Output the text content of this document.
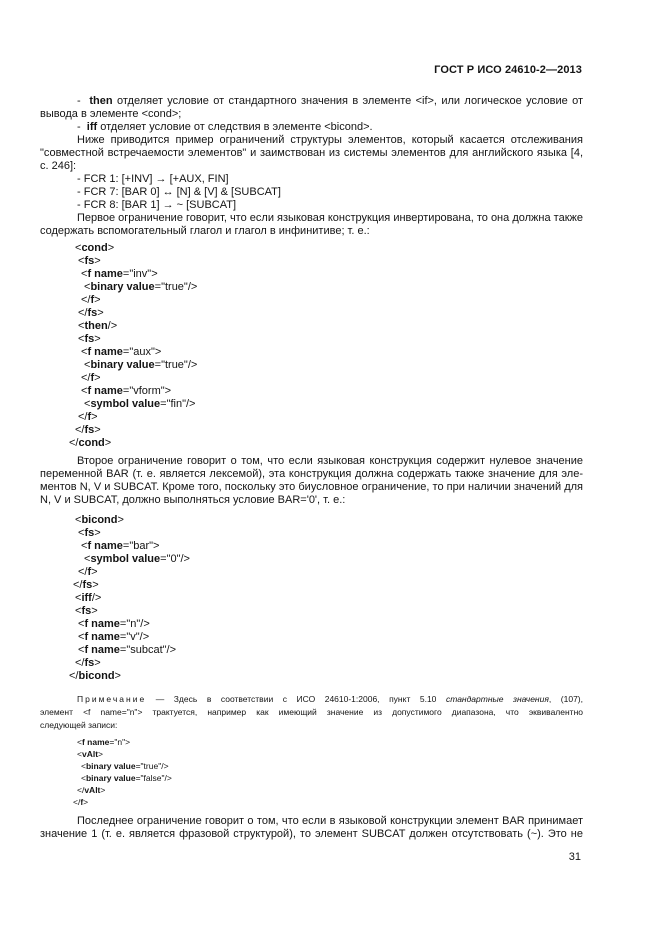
ГОСТ Р ИСО 24610-2—2013
- then отделяет условие от стандартного значения в элементе <if>, или логическое условие от
вывода в элементе <cond>;
- iff отделяет условие от следствия в элементе <bicond>.
Ниже приводится пример ограничений структуры элементов, который касается отслеживания
"совместной встречаемости элементов" и заимствован из системы элементов для английского языка [4,
с. 246]:
- FCR 1: [+INV] → [+AUX, FIN]
- FCR 7: [BAR 0] ↔ [N] & [V] & [SUBCAT]
- FCR 8: [BAR 1] → ~ [SUBCAT]
Первое ограничение говорит, что если языковая конструкция инвертирована, то она должна также
содержать вспомогательный глагол и глагол в инфинитиве; т. е.:
<cond>
<fs>
<f name="inv">
<binary value="true"/>
</f>
</fs>
<then/>
<fs>
<f name="aux">
<binary value="true"/>
</f>
<f name="vform">
<symbol value="fin"/>
</f>
</fs>
</cond>
Второе ограничение говорит о том, что если языковая конструкция содержит нулевое значение
переменной BAR (т. е. является лексемой), эта конструкция должна содержать также значение для эле-
ментов N, V и SUBCAT. Кроме того, поскольку это биусловное ограничение, то при наличии значений для
N, V и SUBCAT, должно выполняться условие BAR='0', т. е.:
<bicond>
<fs>
<f name="bar">
<symbol value="0"/>
</f>
</fs>
<iff/>
<fs>
<f name="n"/>
<f name="v"/>
<f name="subcat"/>
</fs>
</bicond>
Примечание — Здесь в соответствии с ИСО 24610-1:2006, пункт 5.10 стандартные значения, (107),
элемент <f name="n"> трактуется, например как имеющий значение из допустимого диапазона, что эквивалентно
следующей записи:
<f name="n">
<vAlt>
<binary value="true"/>
<binary value="false"/>
</vAlt>
</f>
Последнее ограничение говорит о том, что если в языковой конструкции элемент BAR принимает
значение 1 (т. е. является фразовой структурой), то элемент SUBCAT должен отсутствовать (~). Это не
31
